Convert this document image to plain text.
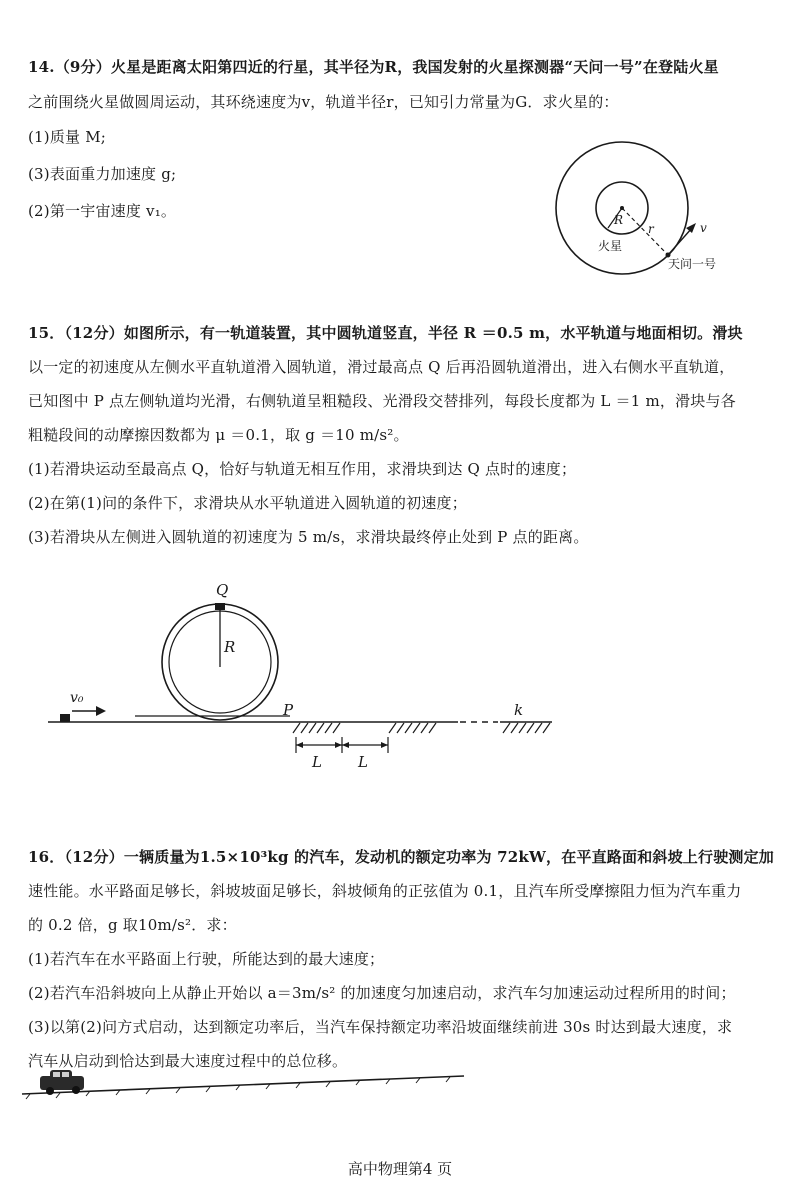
14.（9分）火星是距离太阳第四近的行星，其半径为R，我国发射的火星探测器“天问一号”在登陆火星
之前围绕火星做圆周运动，其环绕速度为v，轨道半径r，已知引力常量为G．求火星的：
(1)质量 M;
(3)表面重力加速度 g;
(2)第一宇宙速度 v₁。	R
r	v
火星
天问一号
15．（12分）如图所示，有一轨道装置，其中圆轨道竖直，半径 R ＝0.5 m，水平轨道与地面相切。滑块
以一定的初速度从左侧水平直轨道滑入圆轨道，滑过最高点 Q 后再沿圆轨道滑出，进入右侧水平直轨道，
已知图中 P 点左侧轨道均光滑，右侧轨道呈粗糙段、光滑段交替排列，每段长度都为 L ＝1 m，滑块与各
粗糙段间的动摩擦因数都为 μ ＝0.1，取 g ＝10 m/s²。
(1)若滑块运动至最高点 Q，恰好与轨道无相互作用，求滑块到达 Q 点时的速度；
(2)在第(1)问的条件下，求滑块从水平轨道进入圆轨道的初速度；
(3)若滑块从左侧进入圆轨道的初速度为 5 m/s，求滑块最终停止处到 P 点的距离。
Q
R
v₀
P	k
L L
16．（12分）一辆质量为1.5×10³kg 的汽车，发动机的额定功率为 72kW，在平直路面和斜坡上行驶测定加
速性能。水平路面足够长，斜坡坡面足够长，斜坡倾角的正弦值为 0.1，且汽车所受摩擦阻力恒为汽车重力
的 0.2 倍，g 取10m/s²．求：
(1)若汽车在水平路面上行驶，所能达到的最大速度；
(2)若汽车沿斜坡向上从静止开始以 a＝3m/s² 的加速度匀加速启动，求汽车匀加速运动过程所用的时间；
(3)以第(2)问方式启动，达到额定功率后，当汽车保持额定功率沿坡面继续前进 30s 时达到最大速度，求
汽车从启动到恰达到最大速度过程中的总位移。
高中物理第4 页
